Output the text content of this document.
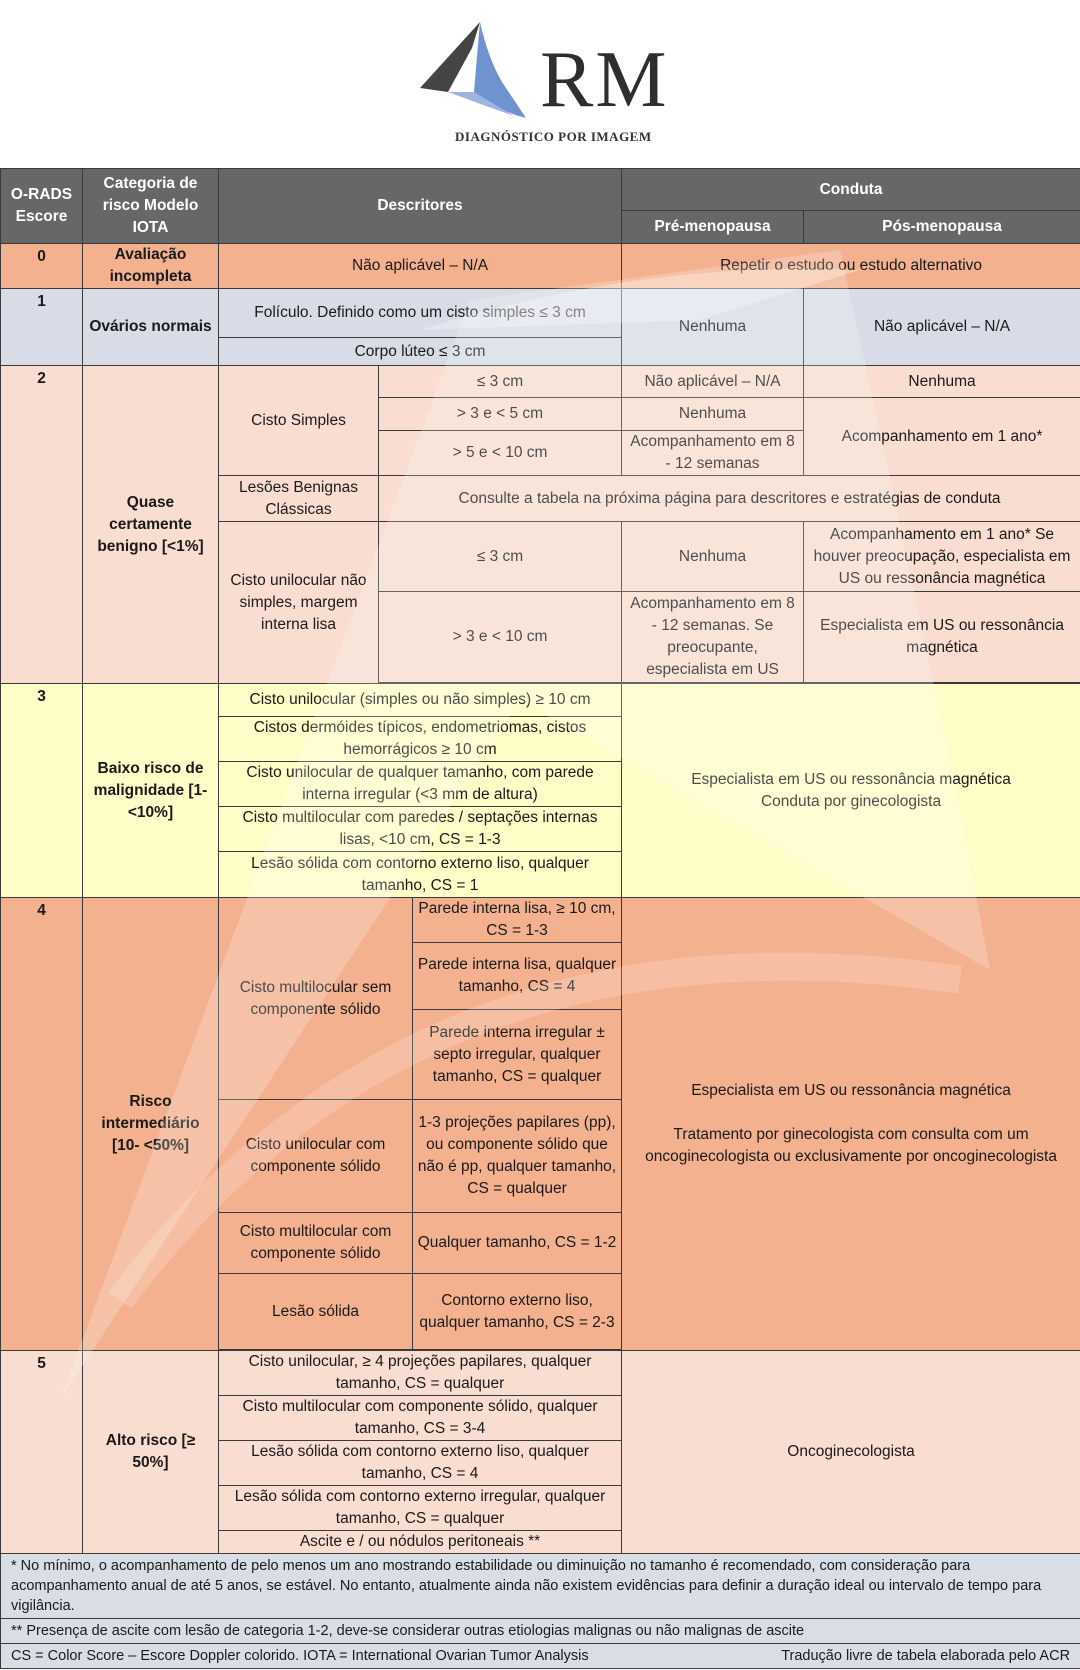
RM
DIAGNÓSTICO POR IMAGEM
O-RADS Escore	Categoria de risco Modelo IOTA	Descritores			Conduta	
					Pré-menopausa	Pós-menopausa
0	Avaliação incompleta	Não aplicável – N/A			Repetir o estudo ou estudo alternativo	
1	Ovários normais	Folículo. Definido como um cisto simples ≤ 3 cm			Nenhuma	Não aplicável – N/A
		Corpo lúteo ≤ 3 cm				
2	Quase certamente benigno [<1%]	Cisto Simples	≤ 3 cm		Não aplicável – N/A	Nenhuma
			> 3 e < 5 cm		Nenhuma	Acompanhamento em 1 ano*
			> 5 e < 10 cm		Acompanhamento em 8 - 12 semanas	
		Lesões Benignas Clássicas	Consulte a tabela na próxima página para descritores e estratégias de conduta			
		Cisto unilocular não simples, margem interna lisa	≤ 3 cm		Nenhuma	Acompanhamento em 1 ano* Se houver preocupação, especialista em US ou ressonância magnética
			> 3 e < 10 cm		Acompanhamento em 8 - 12 semanas. Se preocupante, especialista em US	Especialista em US ou ressonância magnética

3	Baixo risco de malignidade [1- <10%]	Cisto unilocular (simples ou não simples) ≥ 10 cm			Especialista em US ou ressonância magnética
Conduta por ginecologista	

		Cistos dermóides típicos, endometriomas, cistos hemorrágicos ≥ 10 cm				
		Cisto unilocular de qualquer tamanho, com parede interna irregular (<3 mm de altura)				
		Cisto multilocular com paredes / septações internas lisas, <10 cm, CS = 1-3				
		Lesão sólida com contorno externo liso, qualquer tamanho, CS = 1				
4	Risco intermediário [10- <50%]	Cisto multilocular sem componente sólido		Parede interna lisa, ≥ 10 cm, CS = 1-3	Especialista em US ou ressonância magnética
Tratamento por ginecologista com consulta com um oncoginecologista ou exclusivamente por oncoginecologista	

				Parede interna lisa, qualquer tamanho, CS = 4		
				Parede interna irregular ± septo irregular, qualquer tamanho, CS = qualquer		
		Cisto unilocular com componente sólido		1-3 projeções papilares (pp), ou componente sólido que não é pp, qualquer tamanho, CS = qualquer		
		Cisto multilocular com componente sólido		Qualquer tamanho, CS = 1-2		
		Lesão sólida		Contorno externo liso, qualquer tamanho, CS = 2-3		

5	Alto risco [≥ 50%]	Cisto unilocular, ≥ 4 projeções papilares, qualquer tamanho, CS = qualquer			Oncoginecologista	
		Cisto multilocular com componente sólido, qualquer tamanho, CS = 3-4				
		Lesão sólida com contorno externo liso, qualquer tamanho, CS = 4				
		Lesão sólida com contorno externo irregular, qualquer tamanho, CS = qualquer				
		Ascite e / ou nódulos peritoneais **				
* No mínimo, o acompanhamento de pelo menos um ano mostrando estabilidade ou diminuição no tamanho é recomendado, com consideração para acompanhamento anual de até 5 anos, se estável. No entanto, atualmente ainda não existem evidências para definir a duração ideal ou intervalo de tempo para vigilância.						
** Presença de ascite com lesão de categoria 1-2, deve-se considerar outras etiologias malignas ou não malignas de ascite						
CS = Color Score – Escore Doppler colorido. IOTA = International Ovarian Tumor Analysis Tradução livre de tabela elaborada pelo ACR						
